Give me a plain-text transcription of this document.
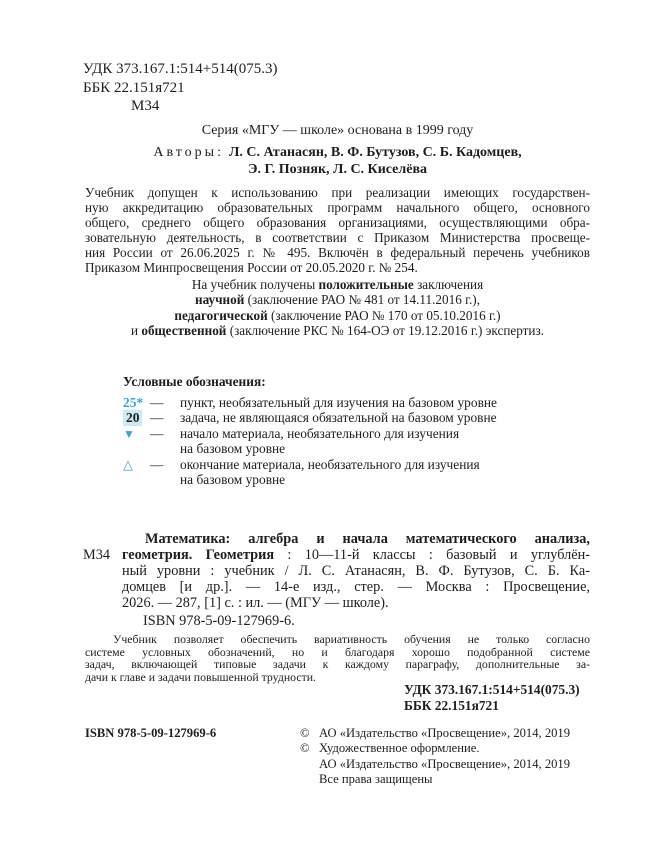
УДК 373.167.1:514+514(075.3)
ББК 22.151я721
М34
Серия «МГУ — школе» основана в 1999 году
Авторы: Л. С. Атанасян, В. Ф. Бутузов, С. Б. Кадомцев,
Э. Г. Позняк, Л. С. Киселёва
Учебник допущен к использованию при реализации имеющих государствен-
ную аккредитацию образовательных программ начального общего, основного
общего, среднего общего образования организациями, осуществляющими обра-
зовательную деятельность, в соответствии с Приказом Министерства просвеще-
ния России от 26.06.2025 г. № 495. Включён в федеральный перечень учебников
Приказом Минпросвещения России от 20.05.2020 г. № 254.
На учебник получены положительные заключения
научной (заключение РАО № 481 от 14.11.2016 г.),
педагогической (заключение РАО № 170 от 05.10.2016 г.)
и общественной (заключение РКС № 164-ОЭ от 19.12.2016 г.) экспертиз.
Условные обозначения:
25* —	пункт, необязательный для изучения на базовом уровне
20 —	задача, не являющаяся обязательной на базовом уровне
▼	—	начало материала, необязательного для изучения
на базовом уровне
△	—	окончание материала, необязательного для изучения
на базовом уровне
М34
Математика: алгебра и начала математического анализа,
геометрия. Геометрия : 10—11-й классы : базовый и углублён-
ный уровни : учебник / Л. С. Атанасян, В. Ф. Бутузов, С. Б. Ка-
домцев [и др.]. — 14-е изд., стер. — Москва : Просвещение,
2026. — 287, [1] с. : ил. — (МГУ — школе).
ISBN 978-5-09-127969-6.
Учебник позволяет обеспечить вариативность обучения не только согласно
системе условных обозначений, но и благодаря хорошо подобранной системе
задач, включающей типовые задачи к каждому параграфу, дополнительные за-
дачи к главе и задачи повышенной трудности.
УДК 373.167.1:514+514(075.3)
ББК 22.151я721
ISBN 978-5-09-127969-6	© АО «Издательство «Просвещение», 2014, 2019
© Художественное оформление.
АО «Издательство «Просвещение», 2014, 2019
Все права защищены
